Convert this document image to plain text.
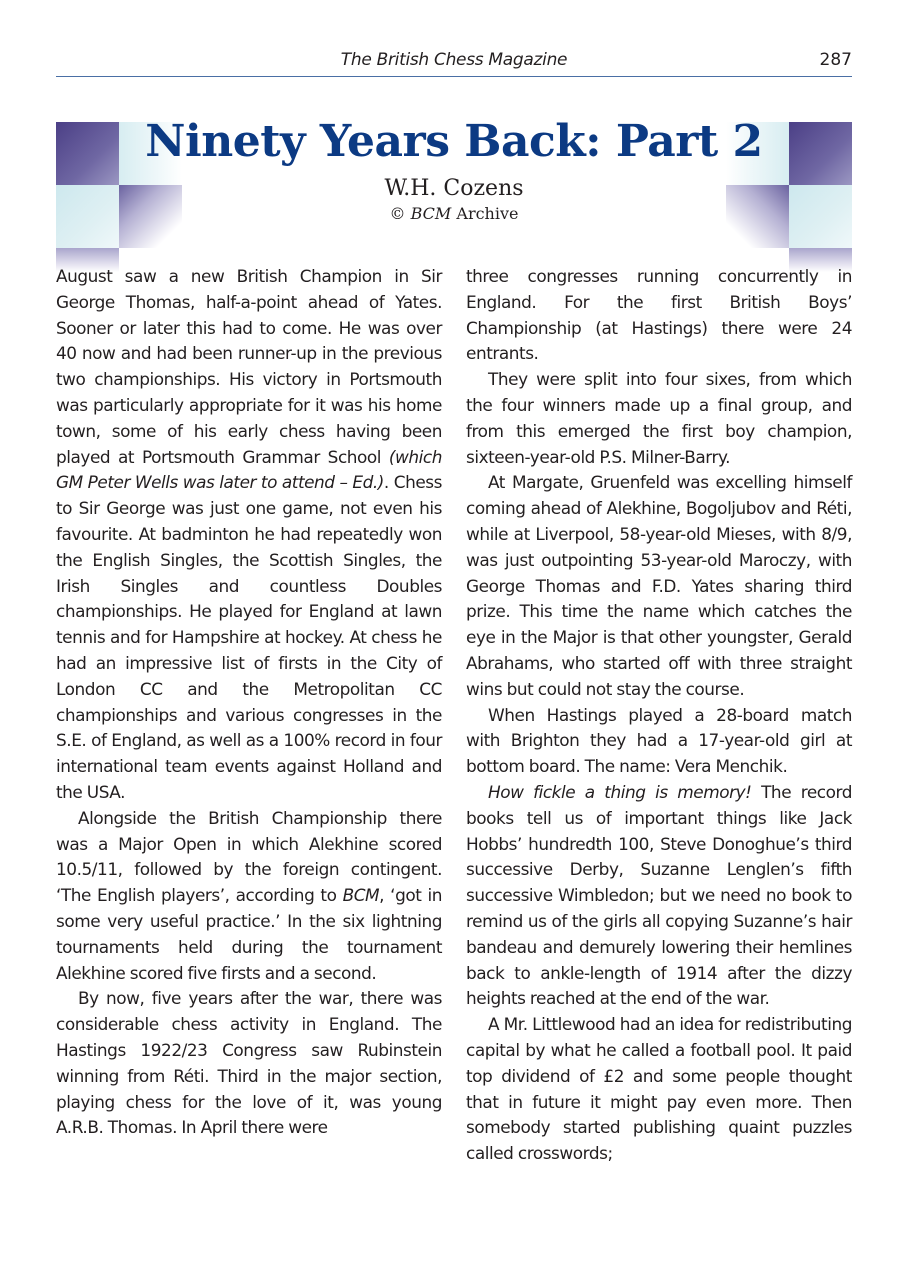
The British Chess Magazine	287
Ninety Years Back: Part 2
W.H. Cozens
© BCM Archive

August saw a new British Champion in Sir George Thomas, half-a-point ahead of Yates. Sooner or later this had to come. He was over 40 now and had been runner-up in the previous two championships. His victory in Portsmouth was particularly appropriate for it was his home town, some of his early chess having been played at Portsmouth Grammar School (which GM Peter Wells was later to attend – Ed.). Chess to Sir George was just one game, not even his favourite. At badminton he had repeatedly won the English Singles, the Scottish Singles, the Irish Singles and countless Doubles championships. He played for England at lawn tennis and for Hampshire at hockey. At chess he had an impressive list of firsts in the City of London CC and the Metropolitan CC championships and various congresses in the S.E. of England, as well as a 100% record in four international team events against Holland and the USA.

Alongside the British Championship there was a Major Open in which Alekhine scored 10.5/11, followed by the foreign contingent. ‘The English players’, according to BCM, ‘got in some very useful practice.’ In the six lightning tournaments held during the tournament Alekhine scored five firsts and a second.

By now, five years after the war, there was considerable chess activity in England. The Hastings 1922/23 Congress saw Rubinstein winning from Réti. Third in the major section, playing chess for the love of it, was young A.R.B. Thomas. In April there were

three congresses running concurrently in England. For the first British Boys’ Championship (at Hastings) there were 24 entrants.

They were split into four sixes, from which the four winners made up a final group, and from this emerged the first boy champion, sixteen-year-old P.S. Milner-Barry.

At Margate, Gruenfeld was excelling himself coming ahead of Alekhine, Bogoljubov and Réti, while at Liverpool, 58-year-old Mieses, with 8/9, was just outpointing 53-year-old Maroczy, with George Thomas and F.D. Yates sharing third prize. This time the name which catches the eye in the Major is that other youngster, Gerald Abrahams, who started off with three straight wins but could not stay the course.

When Hastings played a 28-board match with Brighton they had a 17-year-old girl at bottom board. The name: Vera Menchik.

How fickle a thing is memory! The record books tell us of important things like Jack Hobbs’ hundredth 100, Steve Donoghue’s third successive Derby, Suzanne Lenglen’s fifth successive Wimbledon; but we need no book to remind us of the girls all copying Suzanne’s hair bandeau and demurely lowering their hemlines back to ankle-length of 1914 after the dizzy heights reached at the end of the war.

A Mr. Littlewood had an idea for redistributing capital by what he called a football pool. It paid top dividend of £2 and some people thought that in future it might pay even more. Then somebody started publishing quaint puzzles called crosswords;
